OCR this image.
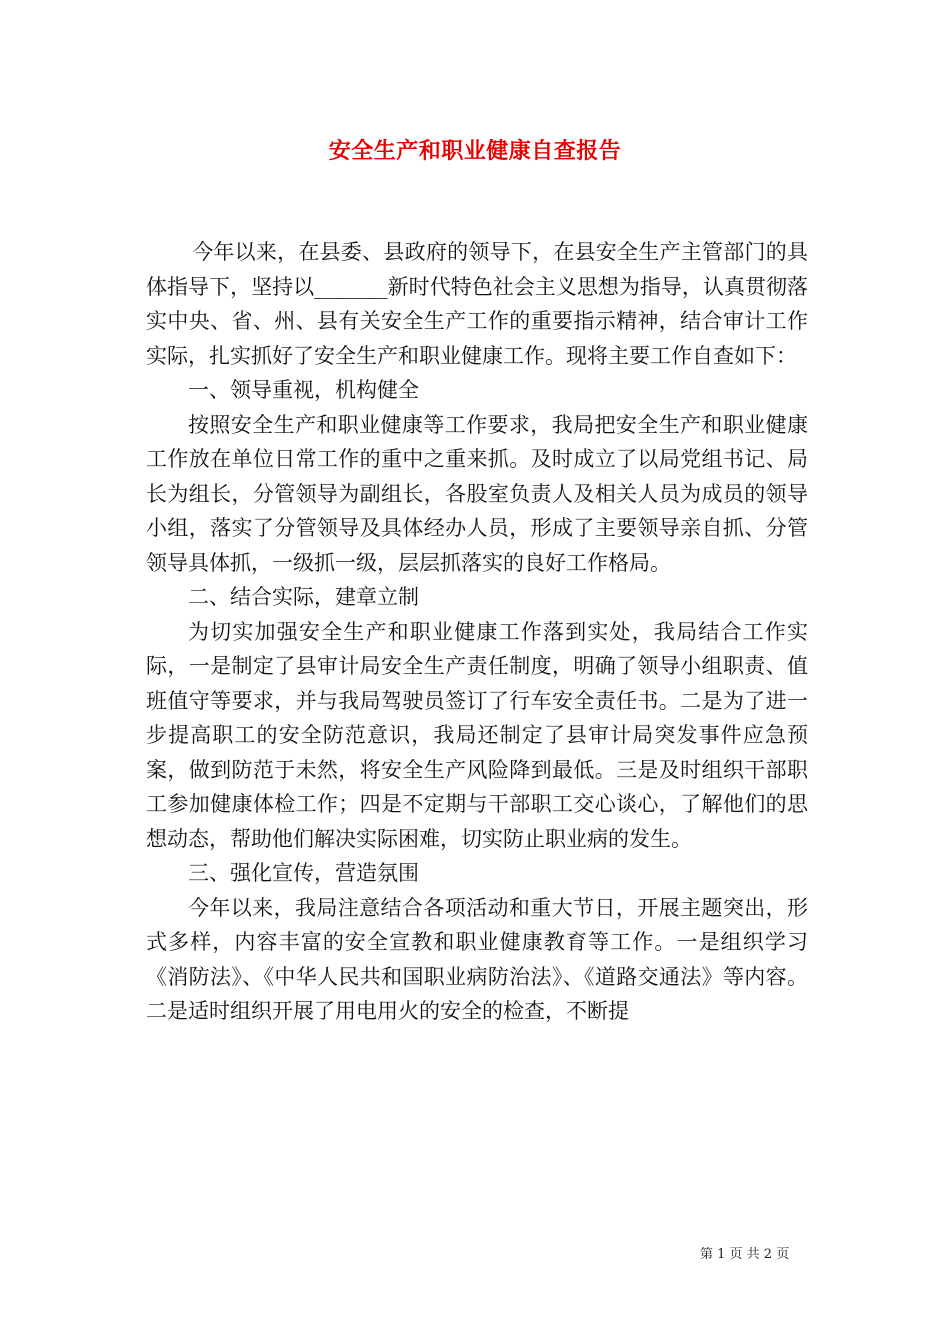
安全生产和职业健康自查报告

今年以来，在县委、县政府的领导下，在县安全生产主管部门的具体指导下，坚持以_______新时代特色社会主义思想为指导，认真贯彻落实中央、省、州、县有关安全生产工作的重要指示精神，结合审计工作实际，扎实抓好了安全生产和职业健康工作。现将主要工作自查如下：

一、领导重视，机构健全

按照安全生产和职业健康等工作要求，我局把安全生产和职业健康工作放在单位日常工作的重中之重来抓。及时成立了以局党组书记、局长为组长，分管领导为副组长，各股室负责人及相关人员为成员的领导小组，落实了分管领导及具体经办人员，形成了主要领导亲自抓、分管领导具体抓，一级抓一级，层层抓落实的良好工作格局。

二、结合实际，建章立制

为切实加强安全生产和职业健康工作落到实处，我局结合工作实际，一是制定了县审计局安全生产责任制度，明确了领导小组职责、值班值守等要求，并与我局驾驶员签订了行车安全责任书。二是为了进一步提高职工的安全防范意识，我局还制定了县审计局突发事件应急预案，做到防范于未然，将安全生产风险降到最低。三是及时组织干部职工参加健康体检工作；四是不定期与干部职工交心谈心，了解他们的思想动态，帮助他们解决实际困难，切实防止职业病的发生。

三、强化宣传，营造氛围

今年以来，我局注意结合各项活动和重大节日，开展主题突出，形式多样，内容丰富的安全宣教和职业健康教育等工作。一是组织学习《消防法》、《中华人民共和国职业病防治法》、《道路交通法》等内容。二是适时组织开展了用电用火的安全的检查，不断提

第 1 页 共 2 页
